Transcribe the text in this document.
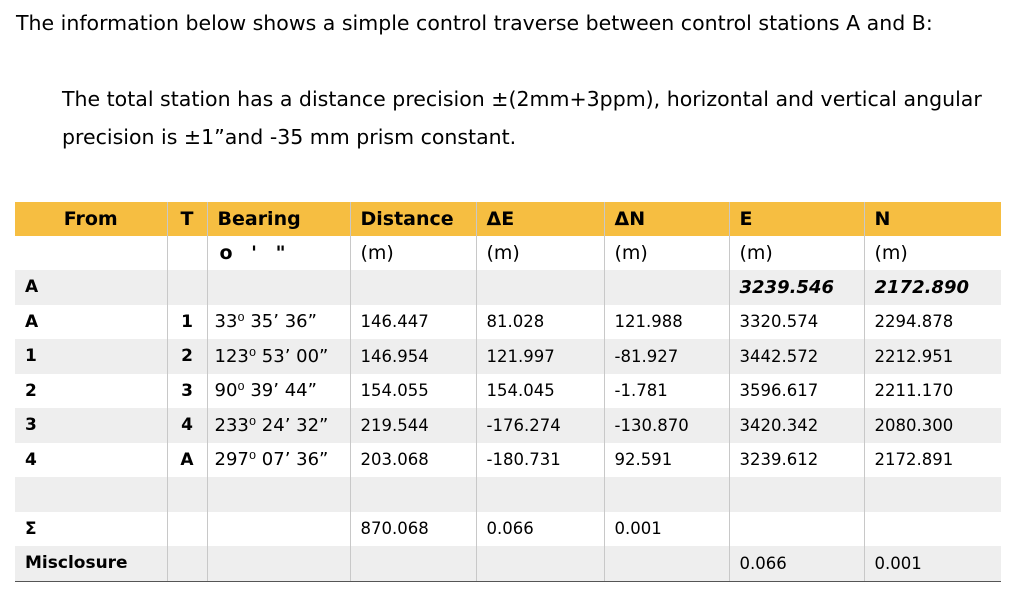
The information below shows a simple control traverse between control stations A and B:
The total station has a distance precision ±(2mm+3ppm), horizontal and vertical angular precision is ±1”and -35 mm prism constant.
From	T	Bearing	Distance	ΔE	ΔN	E	N
		o ' "	(m)	(m)	(m)	(m)	(m)
A						3239.546	2172.890
A	1	33⁰ 35’ 36”	146.447	81.028	121.988	3320.574	2294.878
1	2	123⁰ 53’ 00”	146.954	121.997	-81.927	3442.572	2212.951
2	3	90⁰ 39’ 44”	154.055	154.045	-1.781	3596.617	2211.170
3	4	233⁰ 24’ 32”	219.544	-176.274	-130.870	3420.342	2080.300
4	A	297⁰ 07’ 36”	203.068	-180.731	92.591	3239.612	2172.891

Σ			870.068	0.066	0.001		
Misclosure						0.066	0.001
